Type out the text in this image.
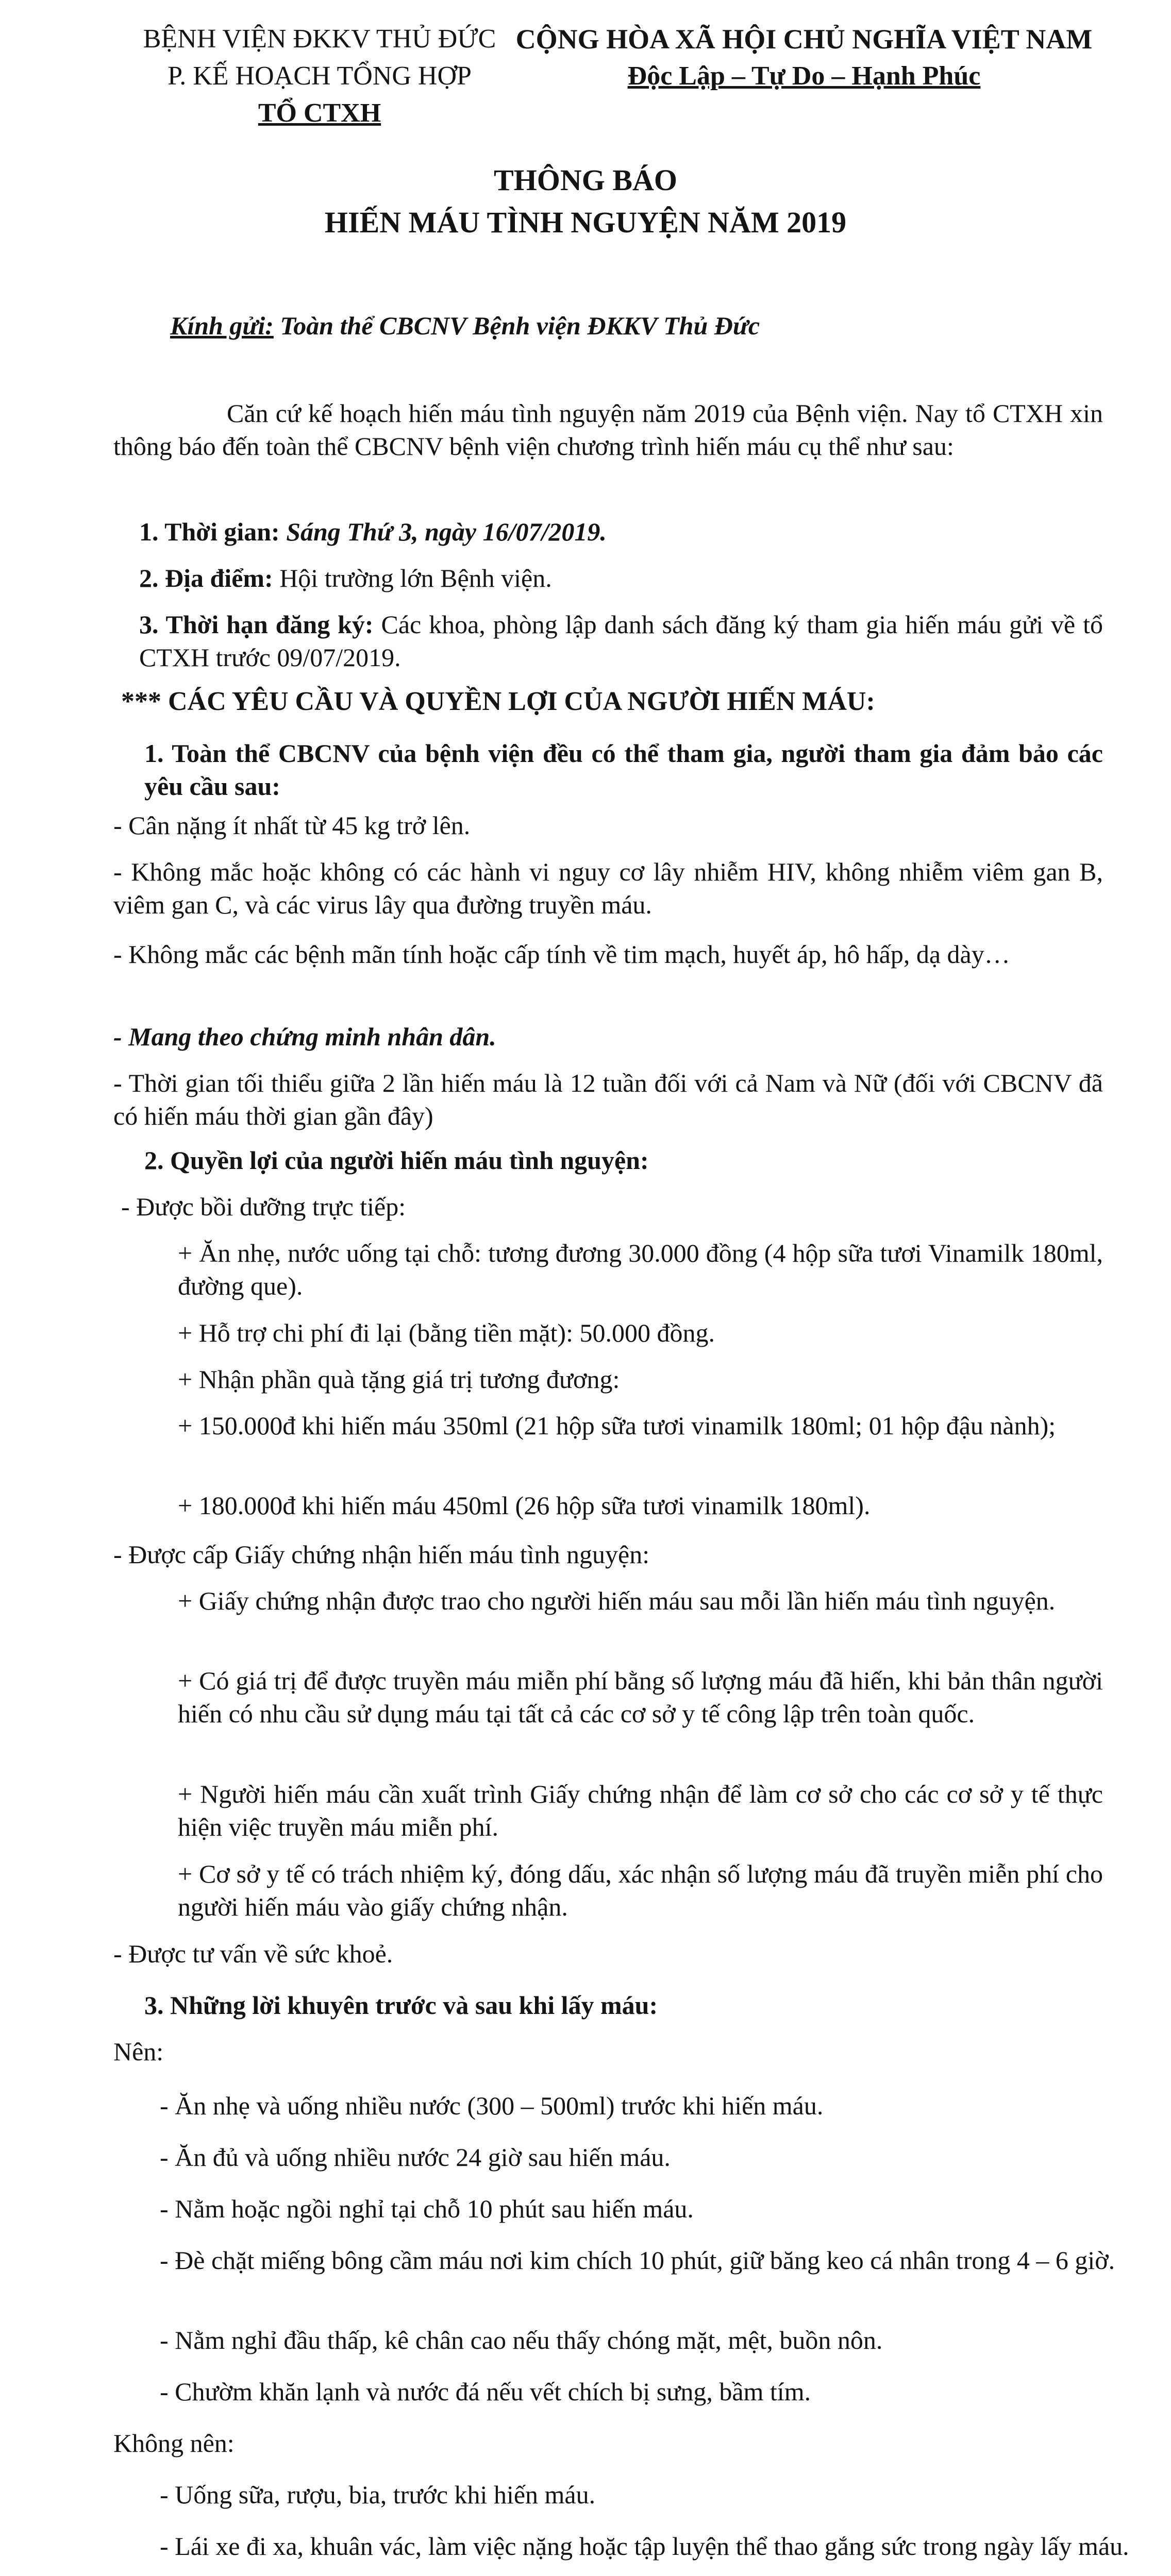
BỆNH VIỆN ĐKKV THỦ ĐỨC
P. KẾ HOẠCH TỔNG HỢP
TỔ CTXH
CỘNG HÒA XÃ HỘI CHỦ NGHĨA VIỆT NAM
Độc Lập – Tự Do – Hạnh Phúc
THÔNG BÁO
HIẾN MÁU TÌNH NGUYỆN NĂM 2019
Kính gửi: Toàn thể CBCNV Bệnh viện ĐKKV Thủ Đức
Căn cứ kế hoạch hiến máu tình nguyện năm 2019 của Bệnh viện. Nay tổ CTXH xin thông báo đến toàn thể CBCNV bệnh viện chương trình hiến máu cụ thể như sau:
1. Thời gian: Sáng Thứ 3, ngày 16/07/2019.
2. Địa điểm: Hội trường lớn Bệnh viện.
3. Thời hạn đăng ký: Các khoa, phòng lập danh sách đăng ký tham gia hiến máu gửi về tổ CTXH trước 09/07/2019.
*** CÁC YÊU CẦU VÀ QUYỀN LỢI CỦA NGƯỜI HIẾN MÁU:
1. Toàn thể CBCNV của bệnh viện đều có thể tham gia, người tham gia đảm bảo các yêu cầu sau:
- Cân nặng ít nhất từ 45 kg trở lên.
- Không mắc hoặc không có các hành vi nguy cơ lây nhiễm HIV, không nhiễm viêm gan B, viêm gan C, và các virus lây qua đường truyền máu.
- Không mắc các bệnh mãn tính hoặc cấp tính về tim mạch, huyết áp, hô hấp, dạ dày…
- Mang theo chứng minh nhân dân.
- Thời gian tối thiểu giữa 2 lần hiến máu là 12 tuần đối với cả Nam và Nữ (đối với CBCNV đã có hiến máu thời gian gần đây)
2. Quyền lợi của người hiến máu tình nguyện:
- Được bồi dưỡng trực tiếp:
+ Ăn nhẹ, nước uống tại chỗ: tương đương 30.000 đồng (4 hộp sữa tươi Vinamilk 180ml, đường que).
+ Hỗ trợ chi phí đi lại (bằng tiền mặt): 50.000 đồng.
+ Nhận phần quà tặng giá trị tương đương:
+ 150.000đ khi hiến máu 350ml (21 hộp sữa tươi vinamilk 180ml; 01 hộp đậu nành);
+ 180.000đ khi hiến máu 450ml (26 hộp sữa tươi vinamilk 180ml).
- Được cấp Giấy chứng nhận hiến máu tình nguyện:
+ Giấy chứng nhận được trao cho người hiến máu sau mỗi lần hiến máu tình nguyện.
+ Có giá trị để được truyền máu miễn phí bằng số lượng máu đã hiến, khi bản thân người hiến có nhu cầu sử dụng máu tại tất cả các cơ sở y tế công lập trên toàn quốc.
+ Người hiến máu cần xuất trình Giấy chứng nhận để làm cơ sở cho các cơ sở y tế thực hiện việc truyền máu miễn phí.
+ Cơ sở y tế có trách nhiệm ký, đóng dấu, xác nhận số lượng máu đã truyền miễn phí cho người hiến máu vào giấy chứng nhận.
- Được tư vấn về sức khoẻ.
3. Những lời khuyên trước và sau khi lấy máu:
Nên:
- Ăn nhẹ và uống nhiều nước (300 – 500ml) trước khi hiến máu.
- Ăn đủ và uống nhiều nước 24 giờ sau hiến máu.
- Nằm hoặc ngồi nghỉ tại chỗ 10 phút sau hiến máu.
- Đè chặt miếng bông cầm máu nơi kim chích 10 phút, giữ băng keo cá nhân trong 4 – 6 giờ.
- Nằm nghỉ đầu thấp, kê chân cao nếu thấy chóng mặt, mệt, buồn nôn.
- Chườm khăn lạnh và nước đá nếu vết chích bị sưng, bầm tím.
Không nên:
- Uống sữa, rượu, bia, trước khi hiến máu.
- Lái xe đi xa, khuân vác, làm việc nặng hoặc tập luyện thể thao gắng sức trong ngày lấy máu.
